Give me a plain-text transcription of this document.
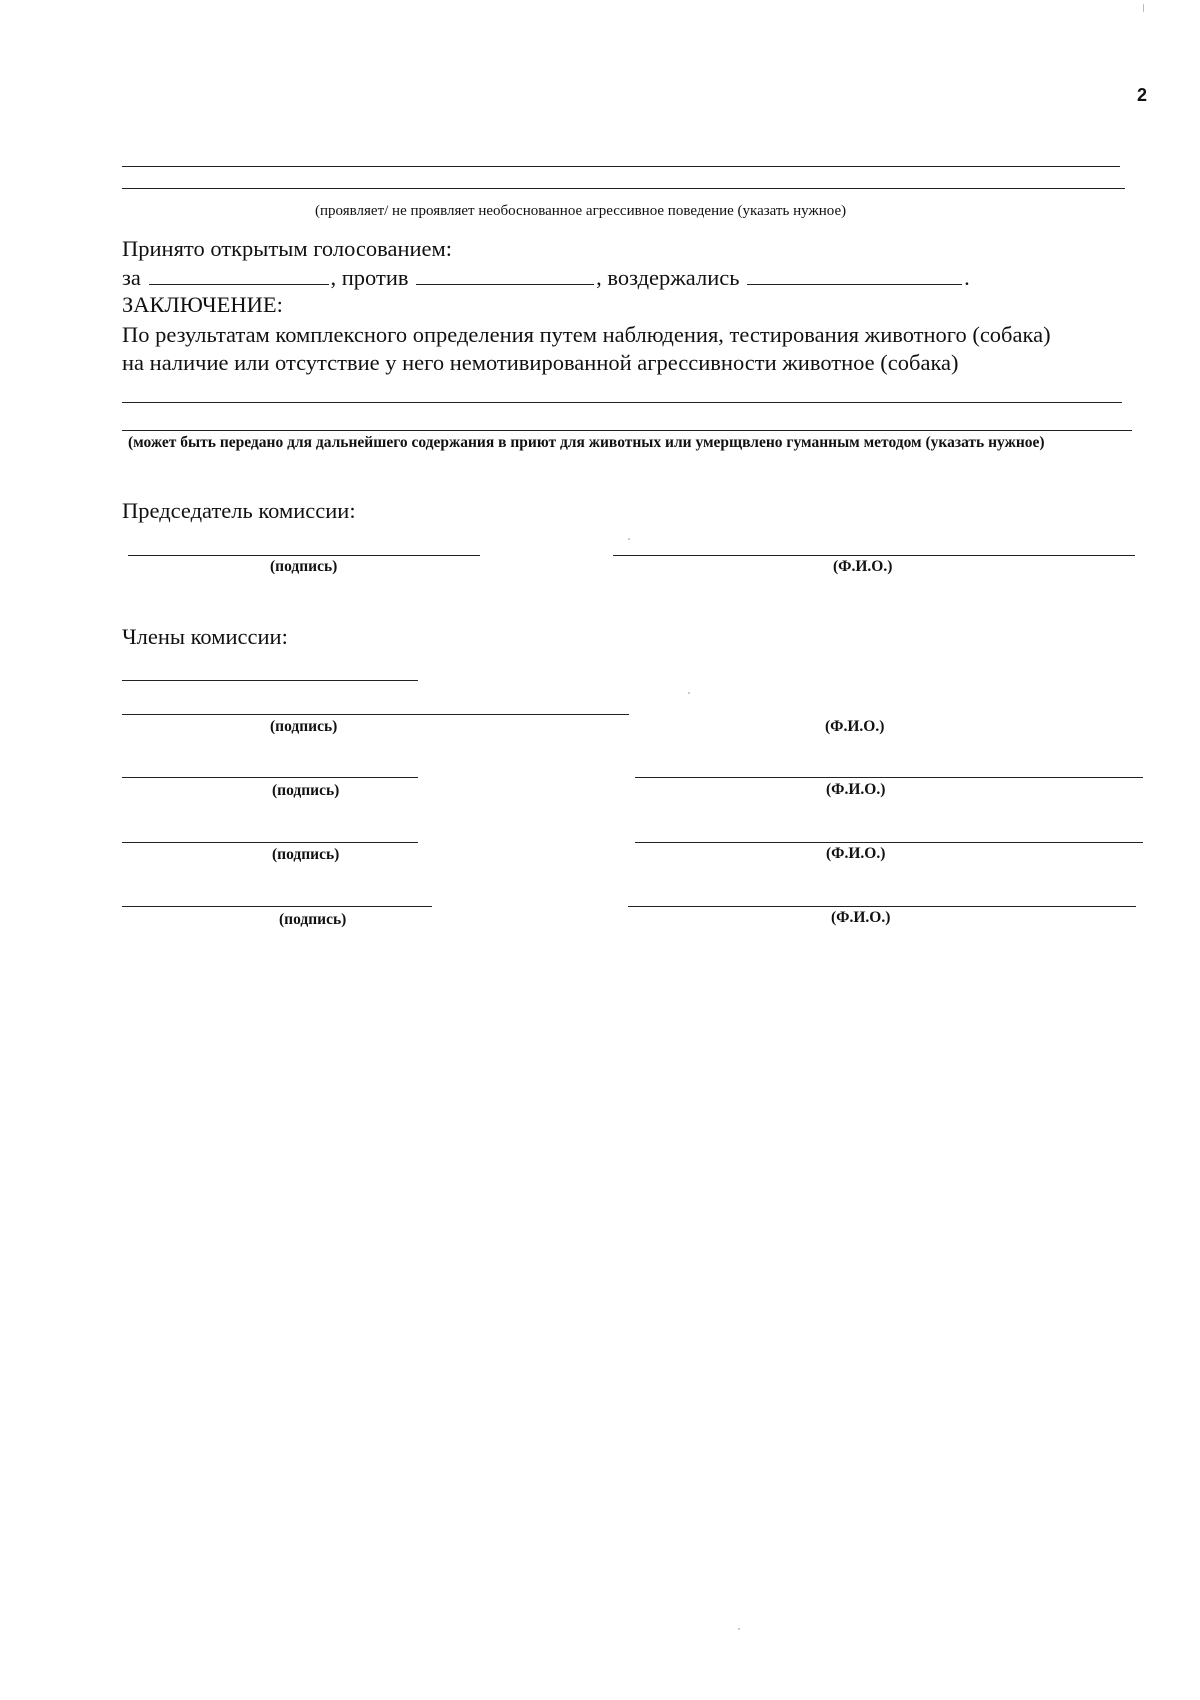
2
(проявляет/ не проявляет необоснованное агрессивное поведение (указать нужное)
Принято открытым голосованием:
за	, против	, воздержались	.
ЗАКЛЮЧЕНИЕ:
По результатам комплексного определения путем наблюдения, тестирования животного (собака)
на наличие или отсутствие у него немотивированной агрессивности животное (собака)
(может быть передано для дальнейшего содержания в приют для животных или умерщвлено гуманным методом (указать нужное)
Председатель комиссии:
(подпись)	(Ф.И.О.)
Члены комиссии:
(подпись)	(Ф.И.О.)
(подпись)	(Ф.И.О.)
(подпись)	(Ф.И.О.)
(подпись)	(Ф.И.О.)
